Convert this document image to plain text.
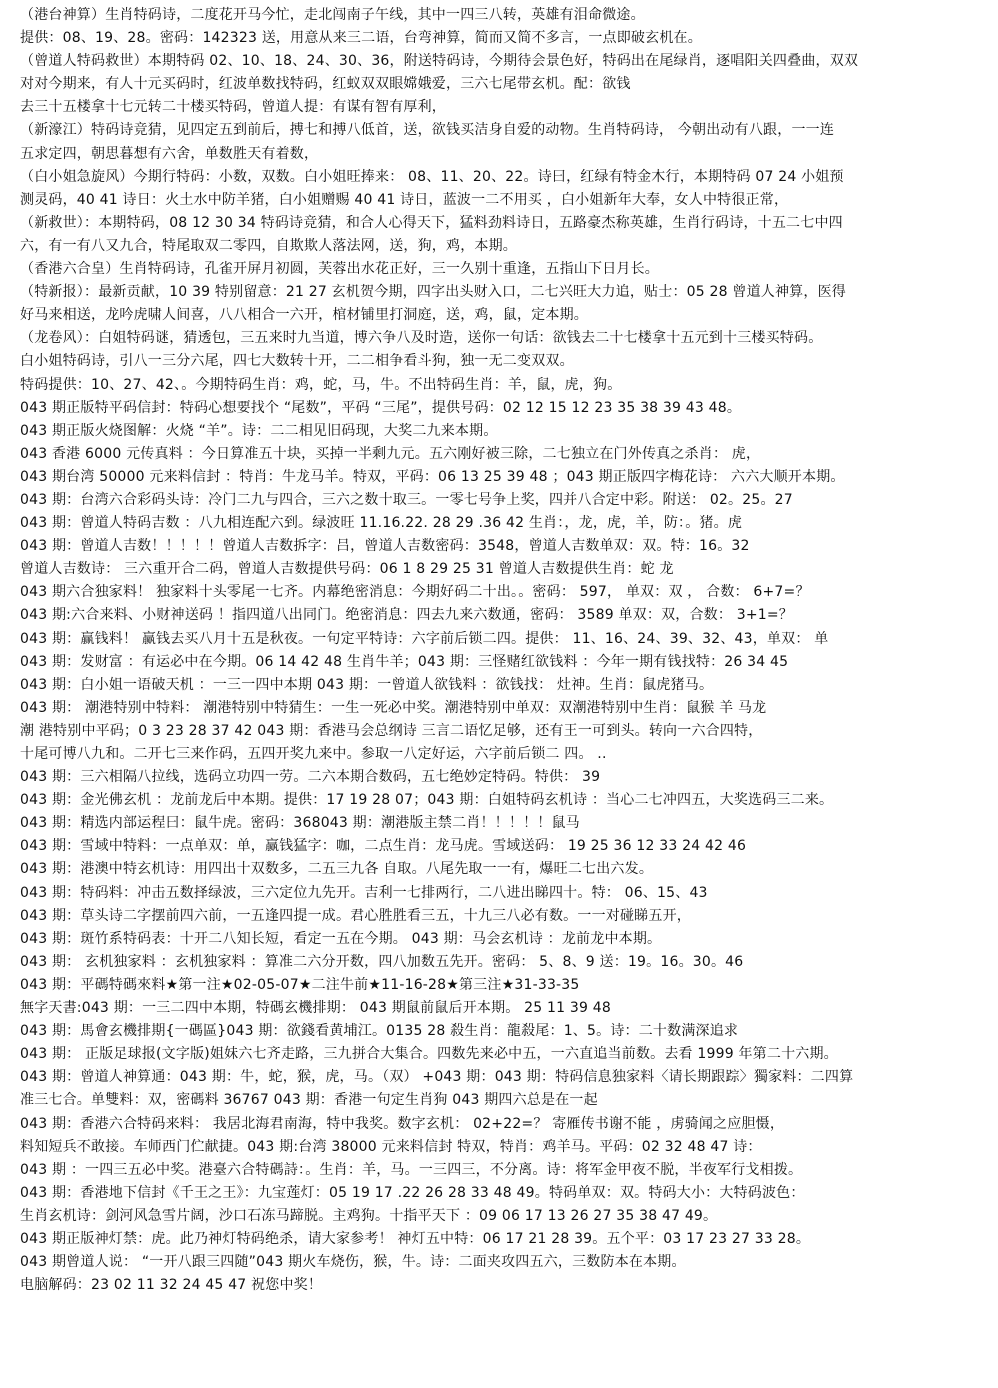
（港台神算）生肖特码诗，二度花开马今忙，走北闯南子午线，其中一四三八转，英雄有泪命微途。
提供：08、19、28。密码：142323 送，用意从来三二语，台弯神算，简而又简不多言，一点即破玄机在。
（曾道人特码救世）本期特码 02、10、18、24、30、36，附送特码诗，今期待会景色好，特码出在尾绿肖，逐唱阳关四叠曲，双双
对对今期来，有人十元买码时，红波单数找特码，红蚁双双眼嫦娥爱，三六七尾带玄机。配：欲钱
去三十五楼拿十七元转二十楼买特码，曾道人提：有谋有智有厚利，
（新濠江）特码诗竞猜，见四定五到前后，搏七和搏八低首，送，欲钱买洁身自爱的动物。生肖特码诗， 今朝出动有八跟，一一连
五求定四，朝思暮想有六舍，单数胜天有着数，
（白小姐急旋风）今期行特码：小数，双数。白小姐旺捧来： 08、11、20、22。诗曰，红绿有特金木行，本期特码 07 24 小姐预
测灵码，40 41 诗日：火土水中防羊猪，白小姐赠赐 40 41 诗日，蓝波一二不用买 ，白小姐新年大奉，女人中特很正常，
（新救世）：本期特码，08 12 30 34 特码诗竞猜，和合人心得天下，猛料劲料诗日，五路豪杰称英雄，生肖行码诗，十五二七中四
六，有一有八又九合，特尾取双二零四，自欺欺人落法网，送，狗，鸡，本期。
（香港六合皇）生肖特码诗，孔雀开屏月初圆，芙蓉出水花正好，三一久别十重逢，五指山下日月长。
（特新报）：最新贡献，10 39 特别留意：21 27 玄机贺今期，四字出头财入口，二七兴旺大力追，贴士：05 28 曾道人神算，医得
好马来相送，龙吟虎啸人间喜，八八相合一六开，棺材铺里打洞庭，送，鸡，鼠，定本期。
（龙卷风）：白姐特码谜，猜透包，三五来时九当道，博六争八及时造，送你一句话：欲钱去二十七楼拿十五元到十三楼买特码。
白小姐特码诗，引八一三分六尾，四七大数转十开，二二相争看斗狗，独一无二变双双。
特码提供：10、27、42、。今期特码生肖：鸡，蛇，马，牛。不出特码生肖：羊，鼠，虎，狗。
043 期正版特平码信封：特码心想要找个 “尾数”，平码 “三尾”，提供号码：02 12 15 12 23 35 38 39 43 48。
043 期正版火烧图解：火烧 “羊”。诗：二二相见旧码现，大奖二九来本期。
043 香港 6000 元传真料 ：今日算准五十块，买掉一半剩九元。五六刚好被三除，二七独立在门外传真之杀肖： 虎，
043 期台湾 50000 元来料信封 ：特肖：牛龙马羊。特双，平码：06 13 25 39 48 ；043 期正版四字梅花诗： 六六大顺开本期。
043 期：台湾六合彩码头诗：冷门二九与四合，三六之数十取三。一零七号争上奖，四并八合定中彩。附送： 02。25。27
043 期：曾道人特码吉数 ：八九相连配六到。绿波旺 11.16.22. 28 29 .36 42 生肖：，龙，虎，羊，防：。猪。虎
043 期：曾道人吉数！！！！！曾道人吉数拆字：吕，曾道人吉数密码：3548，曾道人吉数单双：双。特：16。32
曾道人吉数诗： 三六重开合二码，曾道人吉数提供号码：06 1 8 29 25 31 曾道人吉数提供生肖：蛇 龙
043 期六合独家料！ 独家料十头零尾一七齐。内幕绝密消息：今期好码二十出。。密码： 597， 单双：双 ， 合数： 6+7=？
043 期:六合来料、小财神送码 ！指四道八出同门。绝密消息：四去九来六数通，密码： 3589 单双：双，合数： 3+1=？
043 期：赢钱料！ 赢钱去买八月十五是秋夜。一句定平特诗：六字前后锁二四。提供： 11、16、24、39、32、43，单双： 单
043 期：发财富 ：有运必中在今期。06 14 42 48 生肖牛羊；043 期：三怪赌红欲钱料 ：今年一期有钱找特：26 34 45
043 期：白小姐一语破天机 ：一三一四中本期 043 期：一曾道人欲钱料 ：欲钱找： 灶神。生肖：鼠虎猪马。
043 期： 潮港特别中特料： 潮港特别中特猜生：一生一死必中奖。潮港特别中单双：双潮港特别中生肖：鼠猴 羊 马龙
潮 港特别中平码；0 3 23 28 37 42 043 期：香港马会总纲诗 三言二语忆足够，还有王一可到头。转向一六合四特，
十尾可博八九和。二开七三来作码，五四开奖九来中。参取一八定好运，六字前后锁二 四。 ..
043 期：三六相隔八拉线，选码立功四一劳。二六本期合数码，五七绝妙定特码。特供： 39
043 期：金光佛玄机 ：龙前龙后中本期。提供：17 19 28 07；043 期：白姐特码玄机诗 ：当心二七冲四五，大奖选码三二来。
043 期：精选内部运程曰：鼠牛虎。密码：368043 期：潮港版主禁二肖！！！！！鼠马
043 期：雪域中特料：一点单双：单，赢钱猛字：咖，二点生肖：龙马虎。雪域送码： 19 25 36 12 33 24 42 46
043 期：港澳中特玄机诗：用四出十双数多，二五三九各 自取。八尾先取一一有，爆旺二七出六发。
043 期：特码料：冲击五数择绿波，三六定位九先开。吉利一七排两行，二八进出睇四十。特： 06、15、43
043 期：草头诗二字摆前四六前，一五逢四提一成。君心胜胜看三五，十九三八必有数。一一对碰睇五开，
043 期：斑竹系特码表：十开二八知长短，看定一五在今期。 043 期：马会玄机诗 ：龙前龙中本期。
043 期： 玄机独家料 ：玄机独家料 ：算准二六分开数，四八加数五先开。密码： 5、8、9 送：19。16。30。46
043 期：平碼特碼來料★第一注★02-05-07★二注牛前★11-16-28★第三注★31-33-35
無字天書:043 期：一三二四中本期，特碼玄機排期： 043 期鼠前鼠后开本期。 25 11 39 48
043 期：馬會玄機排期{一碼區}043 期：欲錢看黄埔江。0135 28 殺生肖：龍殺尾：1、5。诗：二十数满深追求
043 期： 正版足球报(文字版)姐妹六七齐走路，三九拼合大集合。四数先来必中五，一六直追当前数。去看 1999 年第二十六期。
043 期：曾道人神算通：043 期：牛，蛇，猴，虎，马。（双） +043 期：043 期：特码信息独家料〈请长期跟踪〉獨家料：二四算
准三七合。单雙料：双，密碼料 36767 043 期：香港一句定生肖狗 043 期四六总是在一起
043 期：香港六合特码来料： 我居北海君南海，特中我奖。数字玄机： 02+22=？ 寄雁传书谢不能 ，虏骑闻之应胆慑，
料知短兵不敢接。车师西门伫献捷。043 期:台湾 38000 元来料信封 特双，特肖：鸡羊马。平码：02 32 48 47 诗：
043 期 ：一四三五必中奖。港臺六合特碼詩：。生肖：羊，马。一三四三，不分离。诗：将军金甲夜不脱，半夜军行戈相拨。
043 期：香港地下信封《千王之王》：九宝莲灯：05 19 17 .22 26 28 33 48 49。特码单双：双。特码大小：大特码波色：
生肖玄机诗：剑河风急雪片阔，沙口石冻马蹄脱。主鸡狗。十指平天下 ：09 06 17 13 26 27 35 38 47 49。
043 期正版神灯禁：虎。此乃神灯特码绝杀，请大家参考！ 神灯五中特：06 17 21 28 39。五个平：03 17 23 27 33 28。
043 期曾道人说： “一开八跟三四随”043 期火车烧伤，猴，牛。诗：二面夹攻四五六，三数防本在本期。
电脑解码：23 02 11 32 24 45 47 祝您中奖！
